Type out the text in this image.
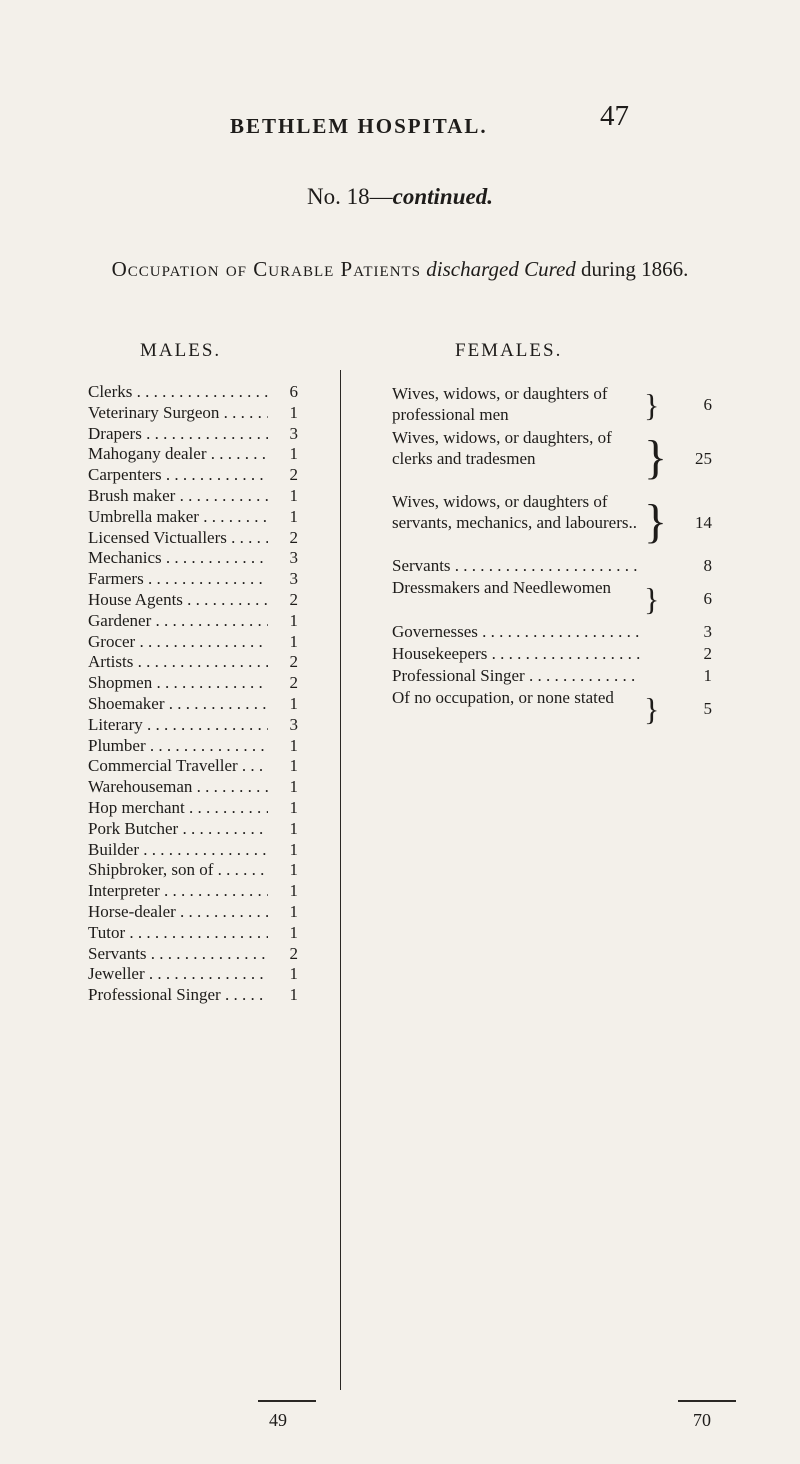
BETHLEM HOSPITAL.	47
No. 18—continued.
Occupation of Curable Patients discharged Cured during 1866.
MALES.	FEMALES.
Clerks . . .	6
Veterinary Surgeon . . .	1
Drapers . . .	3
Mahogany dealer . . .	1
Carpenters . . .	2
Brush maker . . .	1
Umbrella maker . . .	1
Licensed Victuallers . . .	2
Mechanics . . .	3
Farmers . . .	3
House Agents . . .	2
Gardener . . .	1
Grocer . . .	1
Artists . . .	2
Shopmen . . .	2
Shoemaker . . .	1
Literary . . .	3
Plumber . . .	1
Commercial Traveller . . .	1
Warehouseman . . .	1
Hop merchant . . .	1
Pork Butcher . . .	1
Builder . . .	1
Shipbroker, son of . . .	1
Interpreter . . .	1
Horse-dealer . . .	1
Tutor . . .	1
Servants . . .	2
Jeweller . . .	1
Professional Singer . . .	1
Wives, widows, or daughters of professional men	}	6
Wives, widows, or daughters, of clerks and tradesmen	}	25
Wives, widows, or daughters of servants, mechanics, and labourers.. }	14
Servants . . .	8
Dressmakers and Needlewomen	}	6
Governesses . . .	3
Housekeepers . . .	2
Professional Singer . . .	1
Of no occupation, or none stated }	5
49	70
